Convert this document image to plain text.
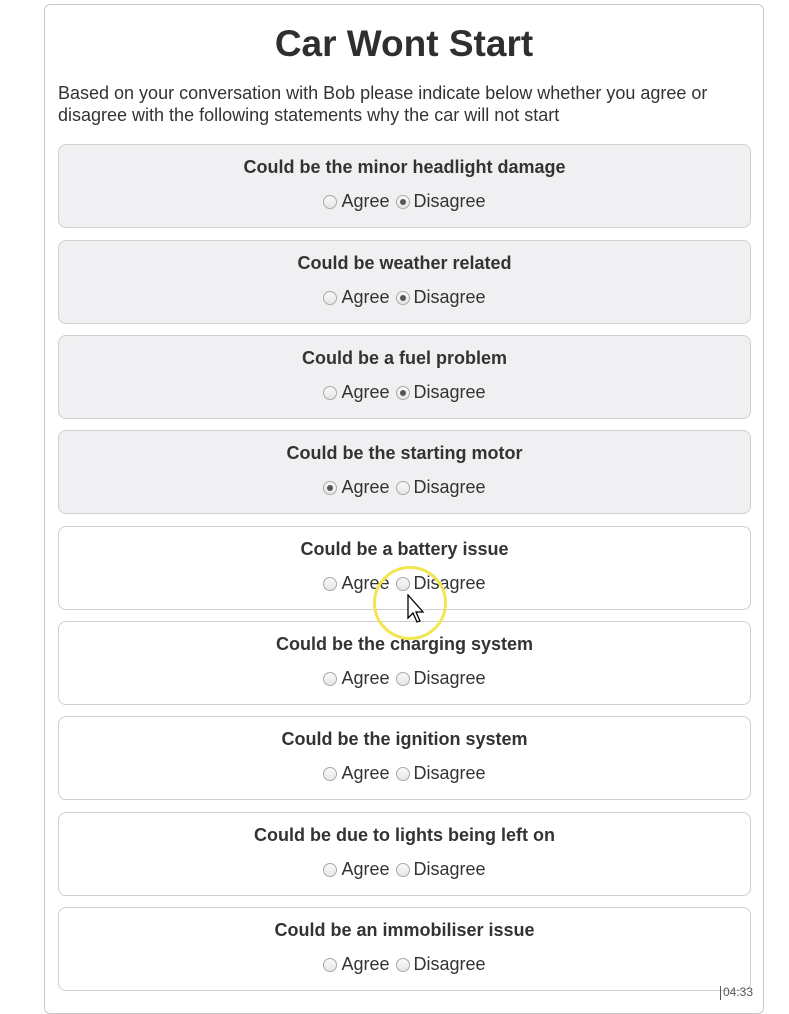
Car Wont Start

Based on your conversation with Bob please indicate below whether you agree or disagree with the following statements why the car will not start

Could be the minor headlight damage
Agree Disagree
Could be weather related
Agree Disagree
Could be a fuel problem
Agree Disagree
Could be the starting motor
Agree Disagree
Could be a battery issue
Agree Disagree
Could be the charging system
Agree Disagree
Could be the ignition system
Agree Disagree
Could be due to lights being left on
Agree Disagree
Could be an immobiliser issue
Agree Disagree
04:33
